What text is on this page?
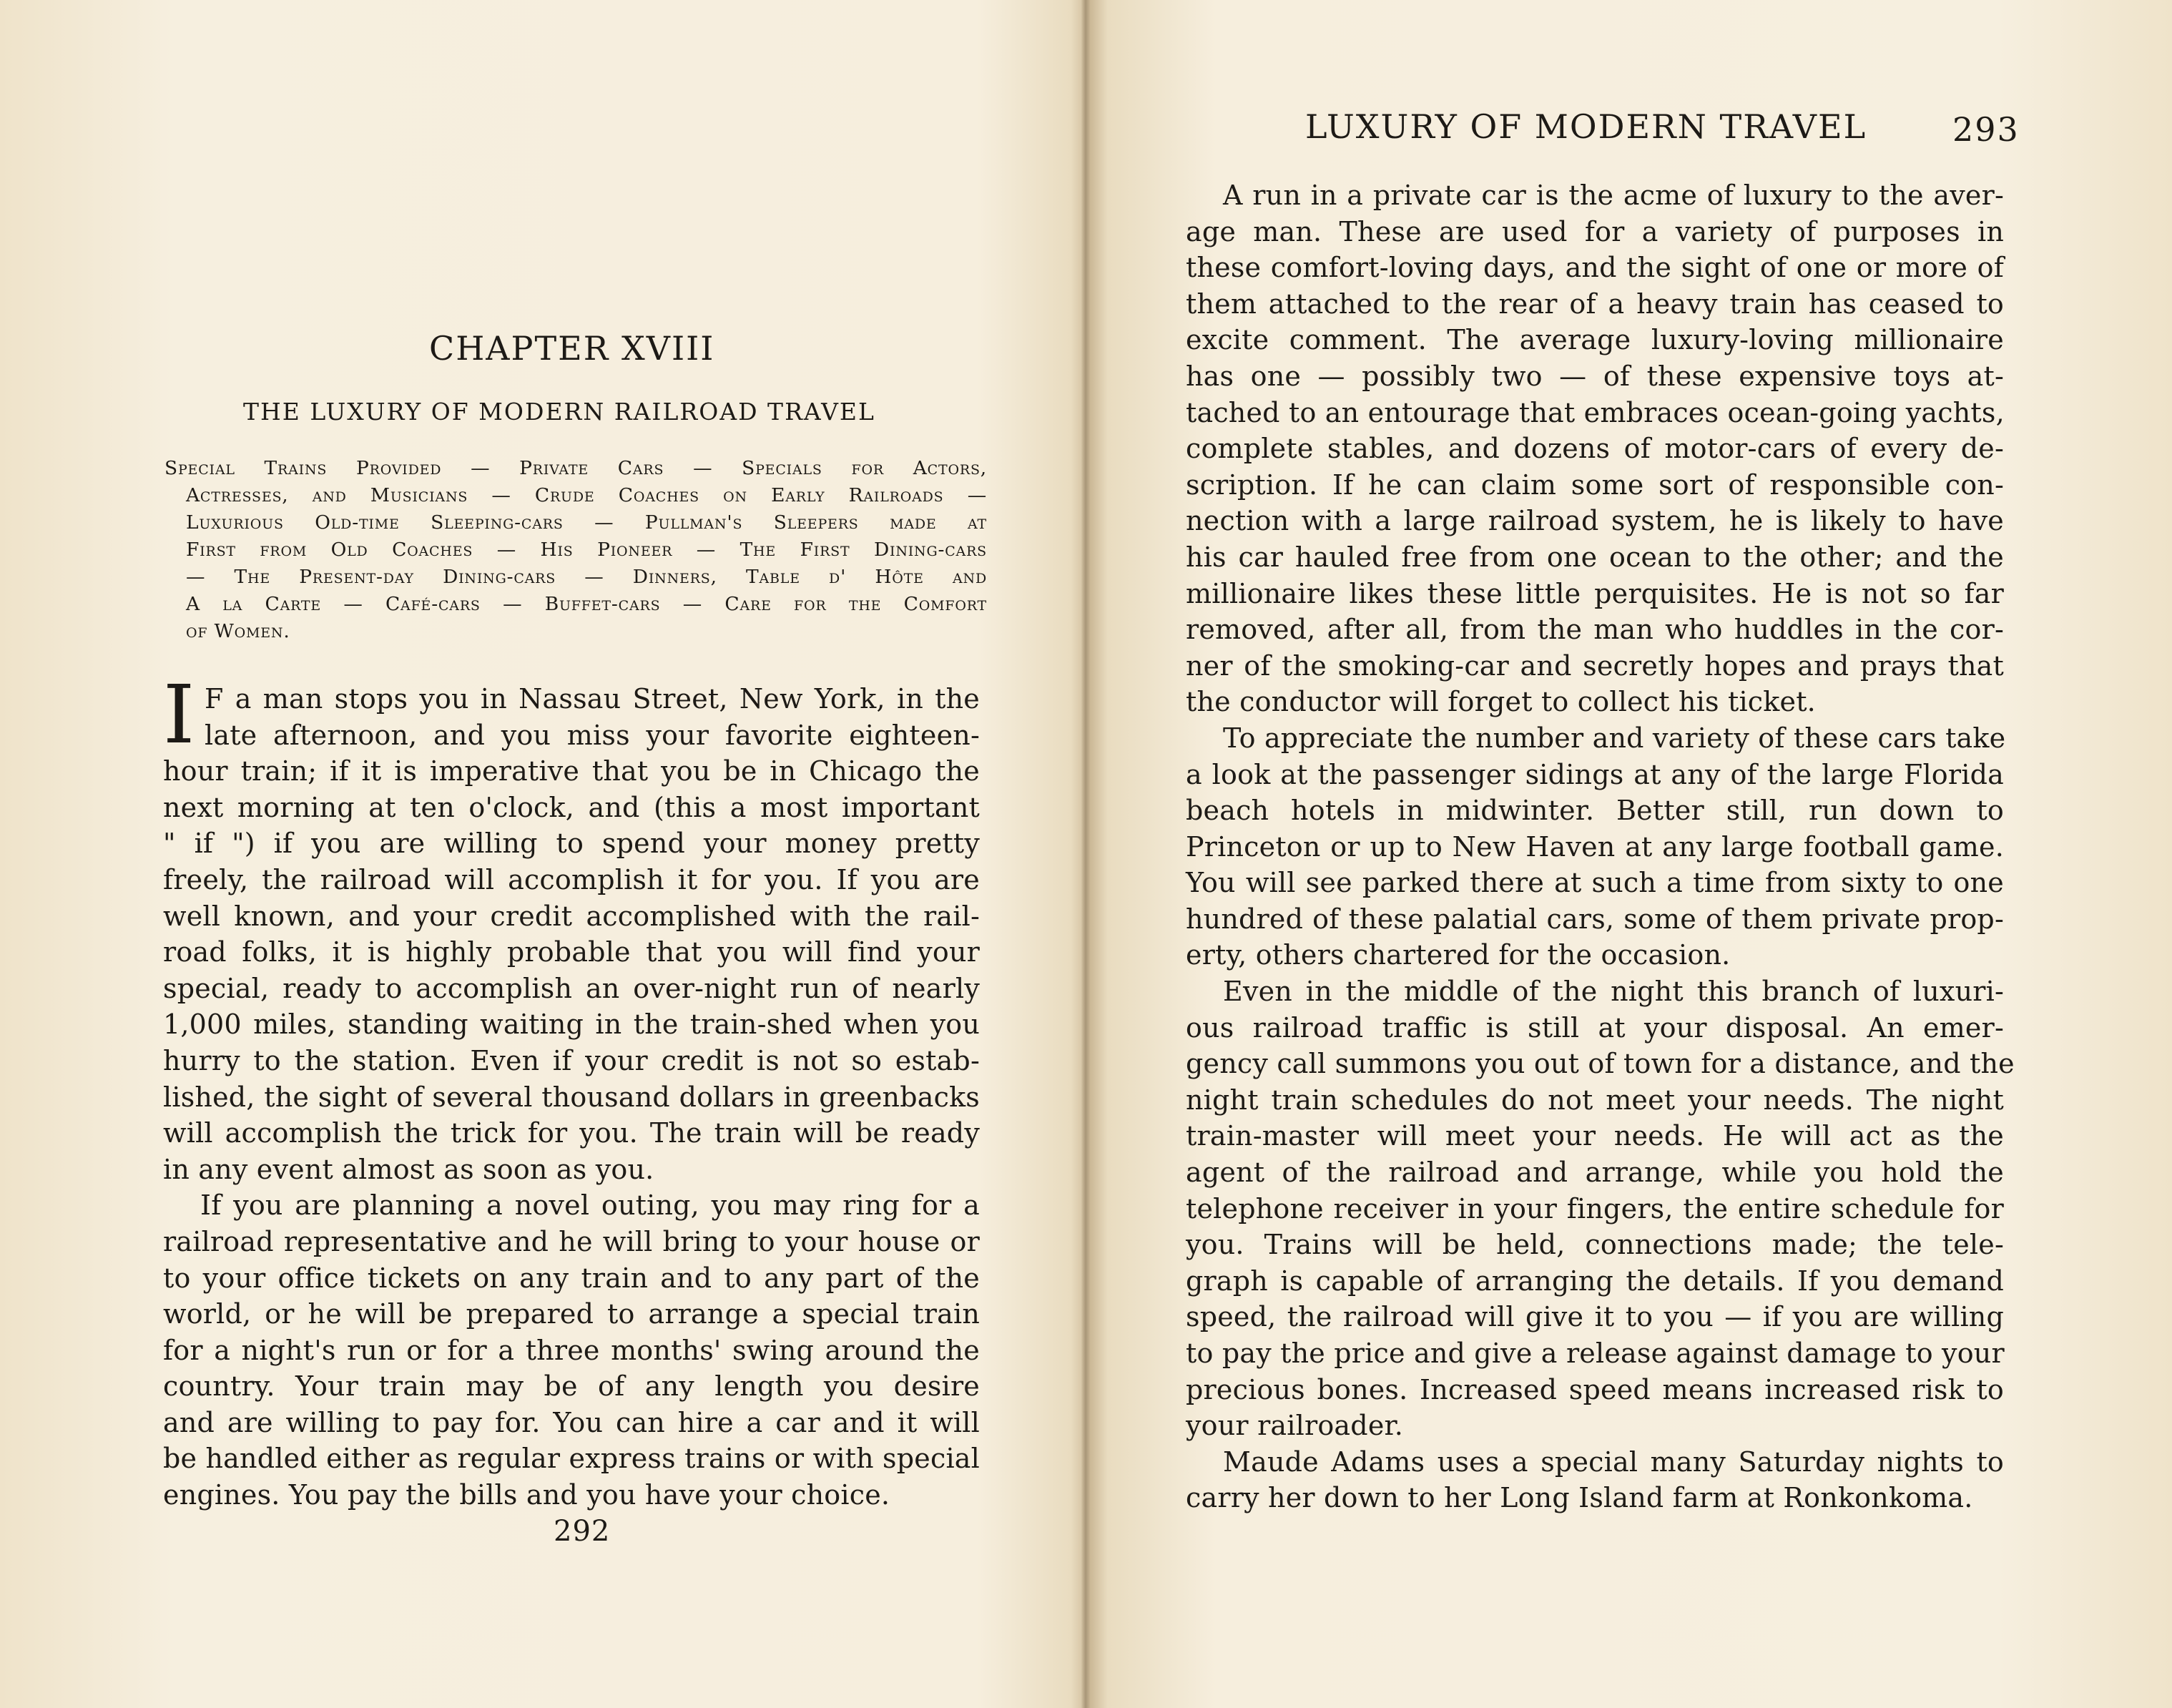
CHAPTER XVIII
THE LUXURY OF MODERN RAILROAD TRAVEL
Special Trains Provided — Private Cars — Specials for Actors,
Actresses, and Musicians — Crude Coaches on Early Railroads —
Luxurious Old-time Sleeping-cars — Pullman's Sleepers made at
First from Old Coaches — His Pioneer — The First Dining-cars
— The Present-day Dining-cars — Dinners, Table d' Hôte and
A la Carte — Café-cars — Buffet-cars — Care for the Comfort
of Women.
I F a man stops you in Nassau Street, New York, in the
late afternoon, and you miss your favorite eighteen-
hour train; if it is imperative that you be in Chicago the
next morning at ten o'clock, and (this a most important
" if ") if you are willing to spend your money pretty
freely, the railroad will accomplish it for you. If you are
well known, and your credit accomplished with the rail-
road folks, it is highly probable that you will find your
special, ready to accomplish an over-night run of nearly
1,000 miles, standing waiting in the train-shed when you
hurry to the station. Even if your credit is not so estab-
lished, the sight of several thousand dollars in greenbacks
will accomplish the trick for you. The train will be ready
in any event almost as soon as you.
If you are planning a novel outing, you may ring for a
railroad representative and he will bring to your house or
to your office tickets on any train and to any part of the
world, or he will be prepared to arrange a special train
for a night's run or for a three months' swing around the
country. Your train may be of any length you desire
and are willing to pay for. You can hire a car and it will
be handled either as regular express trains or with special
engines. You pay the bills and you have your choice.
292
LUXURY OF MODERN TRAVEL	293
A run in a private car is the acme of luxury to the aver-
age man. These are used for a variety of purposes in
these comfort-loving days, and the sight of one or more of
them attached to the rear of a heavy train has ceased to
excite comment. The average luxury-loving millionaire
has one — possibly two — of these expensive toys at-
tached to an entourage that embraces ocean-going yachts,
complete stables, and dozens of motor-cars of every de-
scription. If he can claim some sort of responsible con-
nection with a large railroad system, he is likely to have
his car hauled free from one ocean to the other; and the
millionaire likes these little perquisites. He is not so far
removed, after all, from the man who huddles in the cor-
ner of the smoking-car and secretly hopes and prays that
the conductor will forget to collect his ticket.
To appreciate the number and variety of these cars take
a look at the passenger sidings at any of the large Florida
beach hotels in midwinter. Better still, run down to
Princeton or up to New Haven at any large football game.
You will see parked there at such a time from sixty to one
hundred of these palatial cars, some of them private prop-
erty, others chartered for the occasion.
Even in the middle of the night this branch of luxuri-
ous railroad traffic is still at your disposal. An emer-
gency call summons you out of town for a distance, and the
night train schedules do not meet your needs. The night
train-master will meet your needs. He will act as the
agent of the railroad and arrange, while you hold the
telephone receiver in your fingers, the entire schedule for
you. Trains will be held, connections made; the tele-
graph is capable of arranging the details. If you demand
speed, the railroad will give it to you — if you are willing
to pay the price and give a release against damage to your
precious bones. Increased speed means increased risk to
your railroader.
Maude Adams uses a special many Saturday nights to
carry her down to her Long Island farm at Ronkonkoma.
